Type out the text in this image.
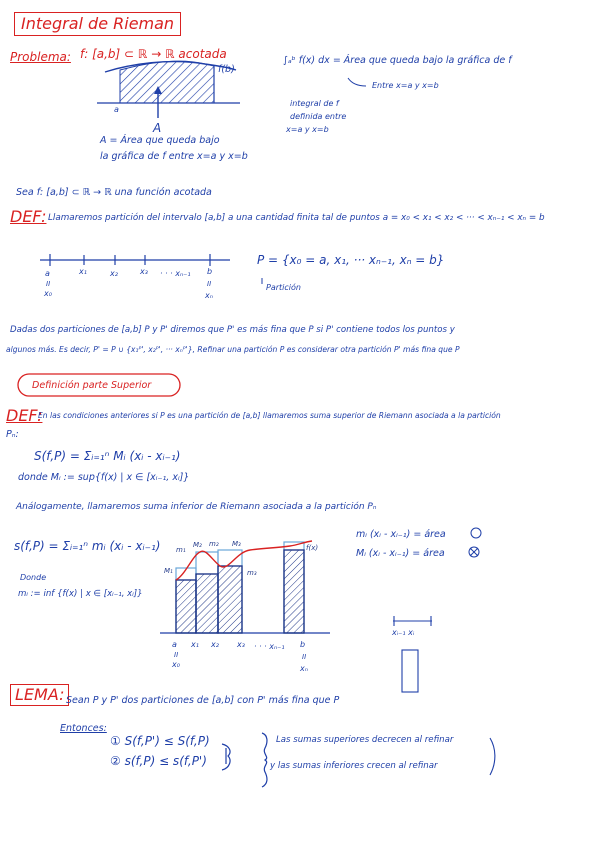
Integral de Rieman
Problema: f: [a,b] ⊂ ℝ → ℝ acotada
f(b)
a
A
A = Área que queda bajo
la gráfica de f entre x=a y x=b
∫ₐᵇ f(x) dx = Área que queda bajo la gráfica de f
Entre x=a y x=b
integral de f
definida entre
x=a y x=b
Sea f: [a,b] ⊂ ℝ → ℝ una función acotada
DEF: Llamaremos partición del intervalo [a,b] a una cantidad finita tal de puntos a = x₀ < x₁ < x₂ < ··· < xₙ₋₁ < xₙ = b
a	x₁	x₂	x₃ · · · xₙ₋₁ b
II
x₀
II
xₙ
P = {x₀ = a, x₁, ··· xₙ₋₁, xₙ = b}
Partición
Dadas dos particiones de [a,b] P y P' diremos que P' es más fina que P si P' contiene todos los puntos y
algunos más. Es decir, P' = P ∪ {x₁ᴾ', x₂ᴾ', ··· xₙᴾ'}, Refinar una partición P es considerar otra partición P' más fina que P
Definición parte Superior
DEF:
En las condiciones anteriores si P es una partición de [a,b] llamaremos suma superior de Riemann asociada a la partición
Pₙ:
S(f,P) = Σᵢ₌₁ⁿ Mᵢ (xᵢ - xᵢ₋₁)
donde Mᵢ := sup{f(x) | x ∈ [xᵢ₋₁, xᵢ]}
Análogamente, llamaremos suma inferior de Riemann asociada a la partición Pₙ
s(f,P) = Σᵢ₌₁ⁿ mᵢ (xᵢ - xᵢ₋₁)
Donde
mᵢ := inf {f(x) | x ∈ [xᵢ₋₁, xᵢ]}
mᵢ (xᵢ - xᵢ₋₁) = área
Mᵢ (xᵢ - xᵢ₋₁) = área
M₁
m₁
M₂ m₂ M₃
m₃
f(x)
a x₁ x₂ x₃ · · · xₙ₋₁ b
II
x₀
II
xₙ
xᵢ₋₁ xᵢ
LEMA: Sean P y P' dos particiones de [a,b] con P' más fina que P
Entonces:
① S(f,P') ≤ S(f,P)
② s(f,P) ≤ s(f,P')
Las sumas superiores decrecen al refinar
y las sumas inferiores crecen al refinar
